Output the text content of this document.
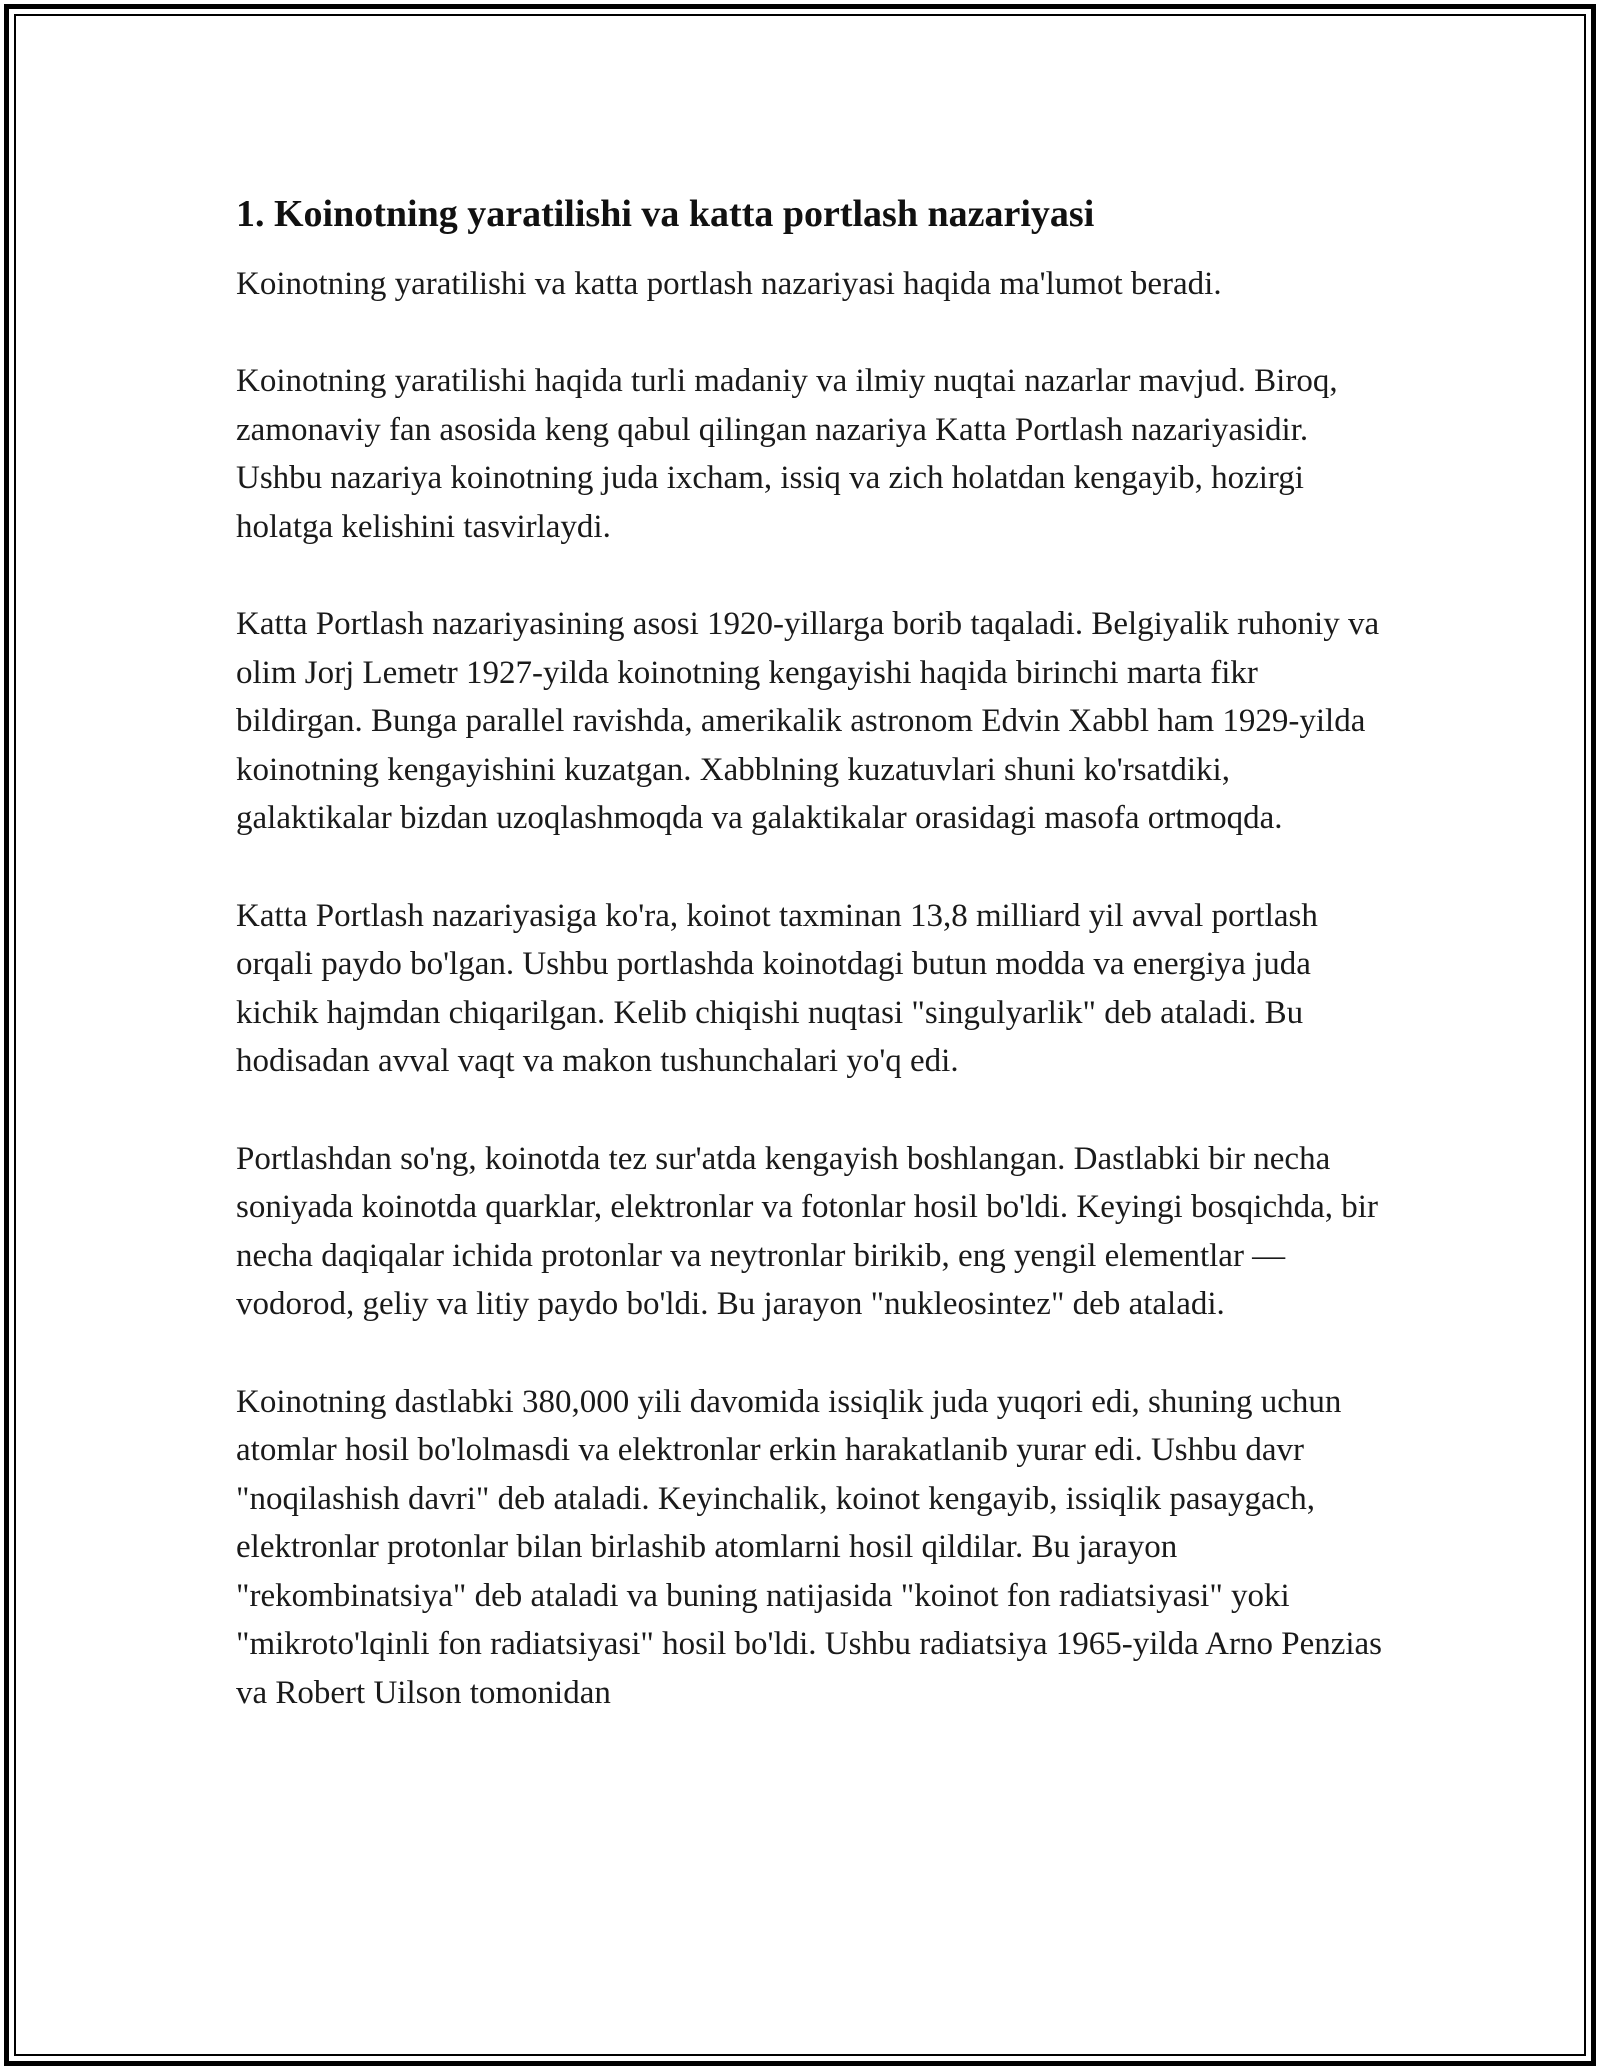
1. Koinotning yaratilishi va katta portlash nazariyasi

Koinotning yaratilishi va katta portlash nazariyasi haqida ma'lumot beradi.

Koinotning yaratilishi haqida turli madaniy va ilmiy nuqtai nazarlar mavjud. Biroq, zamonaviy fan asosida keng qabul qilingan nazariya Katta Portlash nazariyasidir. Ushbu nazariya koinotning juda ixcham, issiq va zich holatdan kengayib, hozirgi holatga kelishini tasvirlaydi.

Katta Portlash nazariyasining asosi 1920-yillarga borib taqaladi. Belgiyalik ruhoniy va olim Jorj Lemetr 1927-yilda koinotning kengayishi haqida birinchi marta fikr bildirgan. Bunga parallel ravishda, amerikalik astronom Edvin Xabbl ham 1929-yilda koinotning kengayishini kuzatgan. Xabblning kuzatuvlari shuni ko'rsatdiki, galaktikalar bizdan uzoqlashmoqda va galaktikalar orasidagi masofa ortmoqda.

Katta Portlash nazariyasiga ko'ra, koinot taxminan 13,8 milliard yil avval portlash orqali paydo bo'lgan. Ushbu portlashda koinotdagi butun modda va energiya juda kichik hajmdan chiqarilgan. Kelib chiqishi nuqtasi "singulyarlik" deb ataladi. Bu hodisadan avval vaqt va makon tushunchalari yo'q edi.

Portlashdan so'ng, koinotda tez sur'atda kengayish boshlangan. Dastlabki bir necha soniyada koinotda quarklar, elektronlar va fotonlar hosil bo'ldi. Keyingi bosqichda, bir necha daqiqalar ichida protonlar va neytronlar birikib, eng yengil elementlar — vodorod, geliy va litiy paydo bo'ldi. Bu jarayon "nukleosintez" deb ataladi.

Koinotning dastlabki 380,000 yili davomida issiqlik juda yuqori edi, shuning uchun atomlar hosil bo'lolmasdi va elektronlar erkin harakatlanib yurar edi. Ushbu davr "noqilashish davri" deb ataladi. Keyinchalik, koinot kengayib, issiqlik pasaygach, elektronlar protonlar bilan birlashib atomlarni hosil qildilar. Bu jarayon "rekombinatsiya" deb ataladi va buning natijasida "koinot fon radiatsiyasi" yoki "mikroto'lqinli fon radiatsiyasi" hosil bo'ldi. Ushbu radiatsiya 1965-yilda Arno Penzias va Robert Uilson tomonidan
